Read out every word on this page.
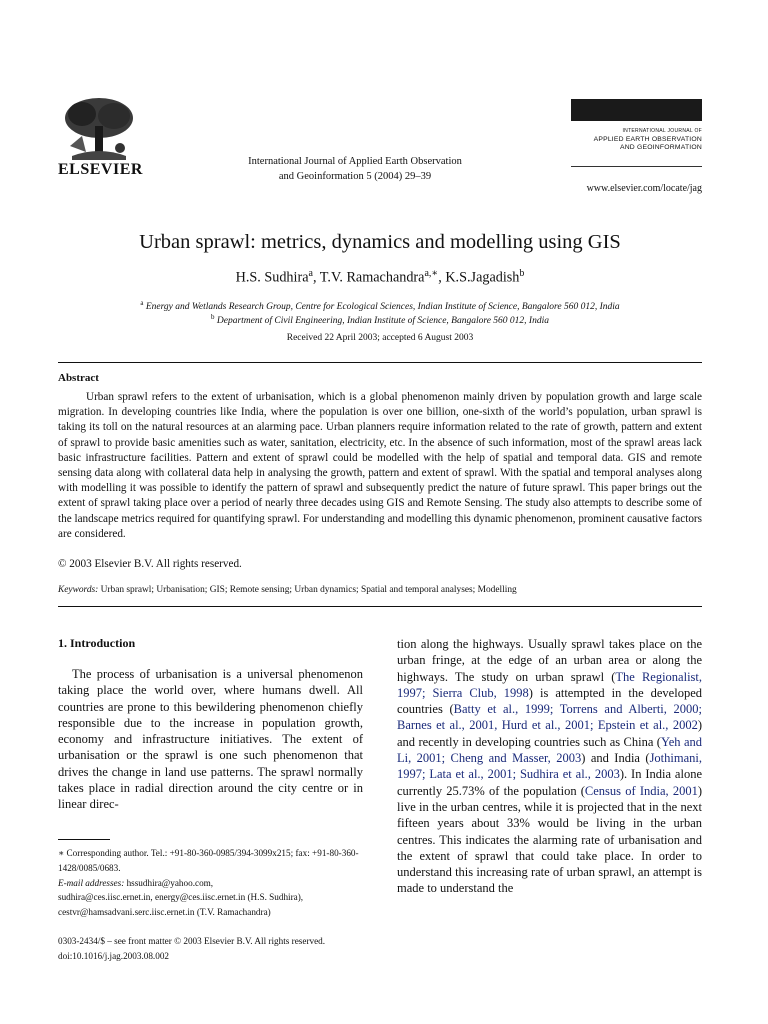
ELSEVIER	International Journal of Applied Earth Observation
and Geoinformation 5 (2004) 29–39
INTERNATIONAL JOURNAL OF
APPLIED EARTH OBSERVATION
AND GEOINFORMATION
www.elsevier.com/locate/jag
Urban sprawl: metrics, dynamics and modelling using GIS
H.S. Sudhira$^a$, T.V. Ramachandra$^{a,∗}$, K.S.Jagadish$^b$
$^a$ Energy and Wetlands Research Group, Centre for Ecological Sciences, Indian Institute of Science, Bangalore 560 012, India
$^b$ Department of Civil Engineering, Indian Institute of Science, Bangalore 560 012, India
Received 22 April 2003; accepted 6 August 2003
Abstract
Urban sprawl refers to the extent of urbanisation, which is a global phenomenon mainly driven by population growth and large scale migration. In developing countries like India, where the population is over one billion, one-sixth of the world’s population, urban sprawl is taking its toll on the natural resources at an alarming pace. Urban planners require information related to the rate of growth, pattern and extent of sprawl to provide basic amenities such as water, sanitation, electricity, etc. In the absence of such information, most of the sprawl areas lack basic infrastructure facilities. Pattern and extent of sprawl could be modelled with the help of spatial and temporal data. GIS and remote sensing data along with collateral data help in analysing the growth, pattern and extent of sprawl. With the spatial and temporal analyses along with modelling it was possible to identify the pattern of sprawl and subsequently predict the nature of future sprawl. This paper brings out the extent of sprawl taking place over a period of nearly three decades using GIS and Remote Sensing. The study also attempts to describe some of the landscape metrics required for quantifying sprawl. For understanding and modelling this dynamic phenomenon, prominent causative factors are considered.
© 2003 Elsevier B.V. All rights reserved.
Keywords: Urban sprawl; Urbanisation; GIS; Remote sensing; Urban dynamics; Spatial and temporal analyses; Modelling
1. Introduction
The process of urbanisation is a universal phenomenon taking place the world over, where humans dwell. All countries are prone to this bewildering phenomenon chiefly responsible due to the increase in population growth, economy and infrastructure initiatives. The extent of urbanisation or the sprawl is one such phenomenon that drives the change in land use patterns. The sprawl normally takes place in radial direction around the city centre or in linear direc-
tion along the highways. Usually sprawl takes place on the urban fringe, at the edge of an urban area or along the highways. The study on urban sprawl (The Regionalist, 1997; Sierra Club, 1998) is attempted in the developed countries (Batty et al., 1999; Torrens and Alberti, 2000; Barnes et al., 2001, Hurd et al., 2001; Epstein et al., 2002) and recently in developing countries such as China (Yeh and Li, 2001; Cheng and Masser, 2003) and India (Jothimani, 1997; Lata et al., 2001; Sudhira et al., 2003). In India alone currently 25.73% of the population (Census of India, 2001) live in the urban centres, while it is projected that in the next fifteen years about 33% would be living in the urban centres. This indicates the alarming rate of urbanisation and the extent of sprawl that could take place. In order to understand this increasing rate of urban sprawl, an attempt is made to understand the
∗ Corresponding author. Tel.: +91-80-360-0985/394-3099x215; fax: +91-80-360-1428/0085/0683.
E-mail addresses: hssudhira@yahoo.com,
sudhira@ces.iisc.ernet.in, energy@ces.iisc.ernet.in (H.S. Sudhira),
cestvr@hamsadvani.serc.iisc.ernet.in (T.V. Ramachandra)
0303-2434/$ – see front matter © 2003 Elsevier B.V. All rights reserved.
doi:10.1016/j.jag.2003.08.002
